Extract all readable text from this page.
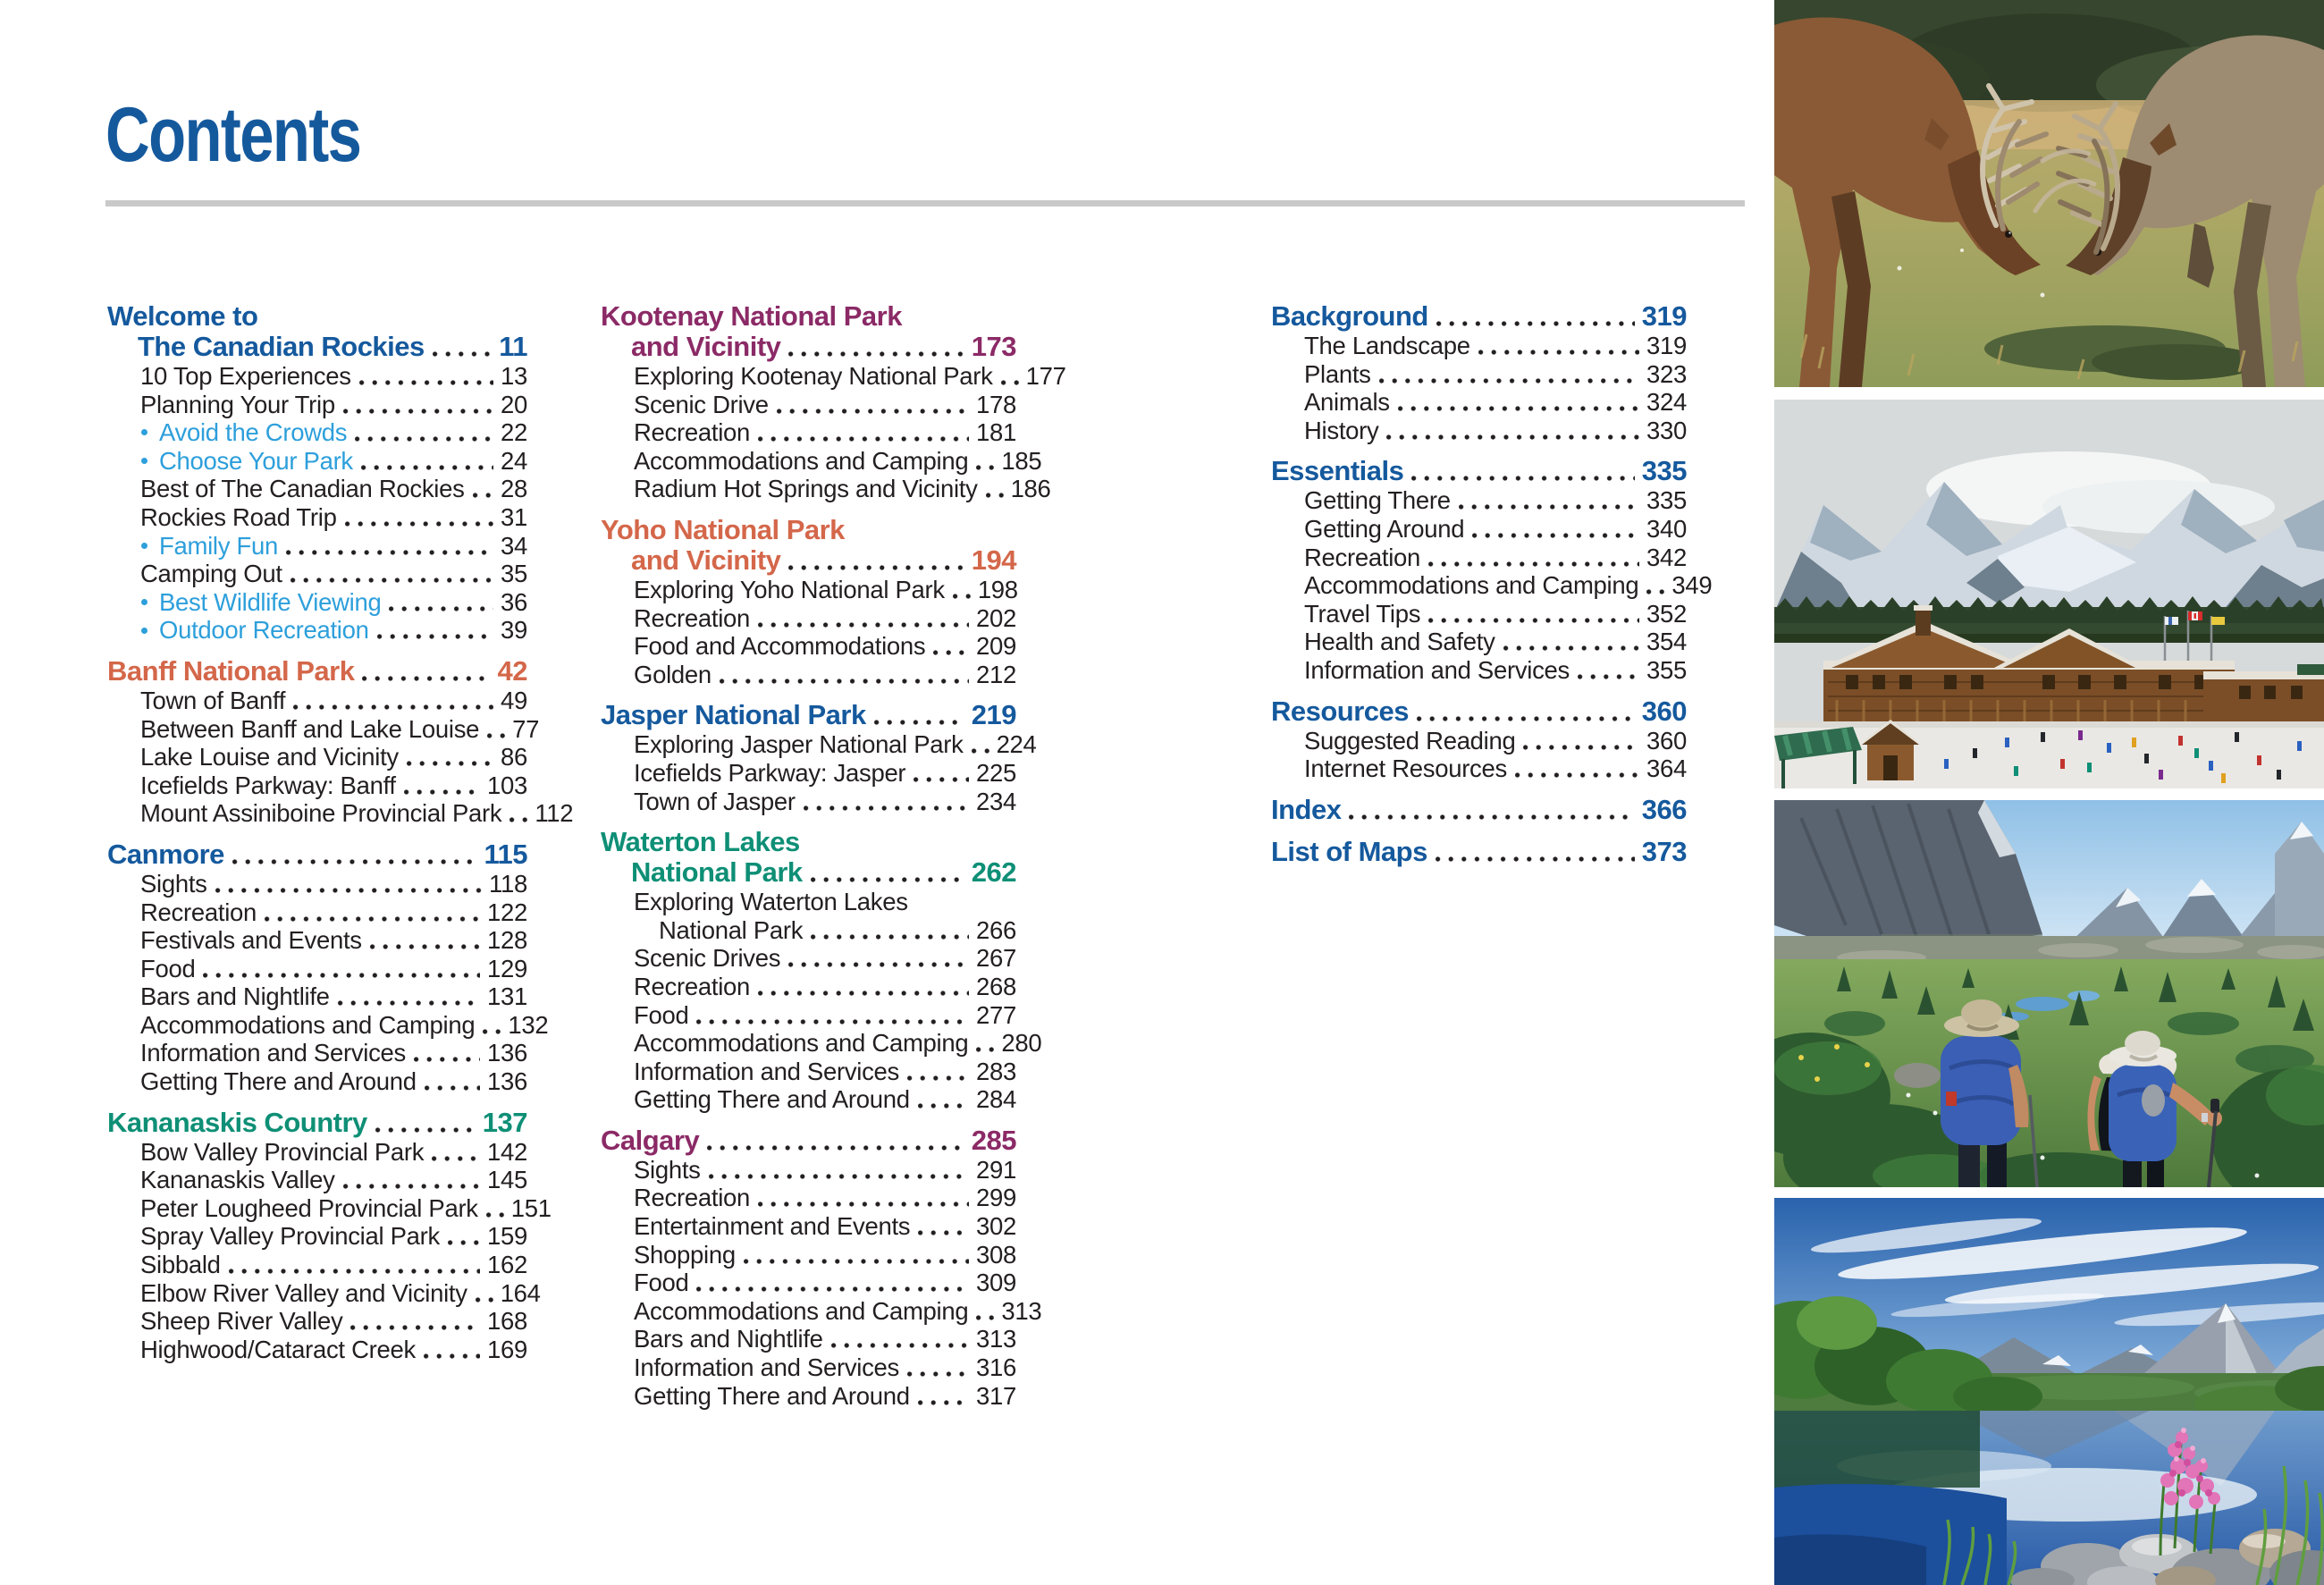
Contents
Welcome to
The Canadian Rockies	11
10 Top Experiences	13
Planning Your Trip	20
Avoid the Crowds	22
Choose Your Park	24
Best of The Canadian Rockies 28
Rockies Road Trip	31
Family Fun	34
Camping Out	35
Best Wildlife Viewing	36
Outdoor Recreation	39
Banff National Park	42
Town of Banff	49
Between Banff and Lake Louise 77
Lake Louise and Vicinity	86
Icefields Parkway: Banff	103
Mount Assiniboine Provincial Park 112
Canmore	115
Sights	118
Recreation	122
Festivals and Events	128
Food	129
Bars and Nightlife	131
Accommodations and Camping 132
Information and Services	136
Getting There and Around	136
Kananaskis Country	137
Bow Valley Provincial Park	142
Kananaskis Valley	145
Peter Lougheed Provincial Park 151
Spray Valley Provincial Park 159
Sibbald	162
Elbow River Valley and Vicinity 164
Sheep River Valley	168
Highwood/Cataract Creek	169
Kootenay National Park
and Vicinity	173
Exploring Kootenay National Park 177
Scenic Drive	178
Recreation	181
Accommodations and Camping 185
Radium Hot Springs and Vicinity 186
Yoho National Park
and Vicinity	194
Exploring Yoho National Park 198
Recreation	202
Food and Accommodations 209
Golden	212
Jasper National Park	219
Exploring Jasper National Park 224
Icefields Parkway: Jasper	225
Town of Jasper	234
Waterton Lakes
National Park	262
Exploring Waterton Lakes
National Park	266
Scenic Drives	267
Recreation	268
Food	277
Accommodations and Camping 280
Information and Services	283
Getting There and Around	284
Calgary	285
Sights	291
Recreation	299
Entertainment and Events	302
Shopping	308
Food	309
Accommodations and Camping 313
Bars and Nightlife	313
Information and Services	316
Getting There and Around	317
Background	319
The Landscape	319
Plants	323
Animals	324
History	330
Essentials	335
Getting There	335
Getting Around	340
Recreation	342
Accommodations and Camping 349
Travel Tips	352
Health and Safety	354
Information and Services	355
Resources	360
Suggested Reading	360
Internet Resources	364
Index	366
List of Maps	373
